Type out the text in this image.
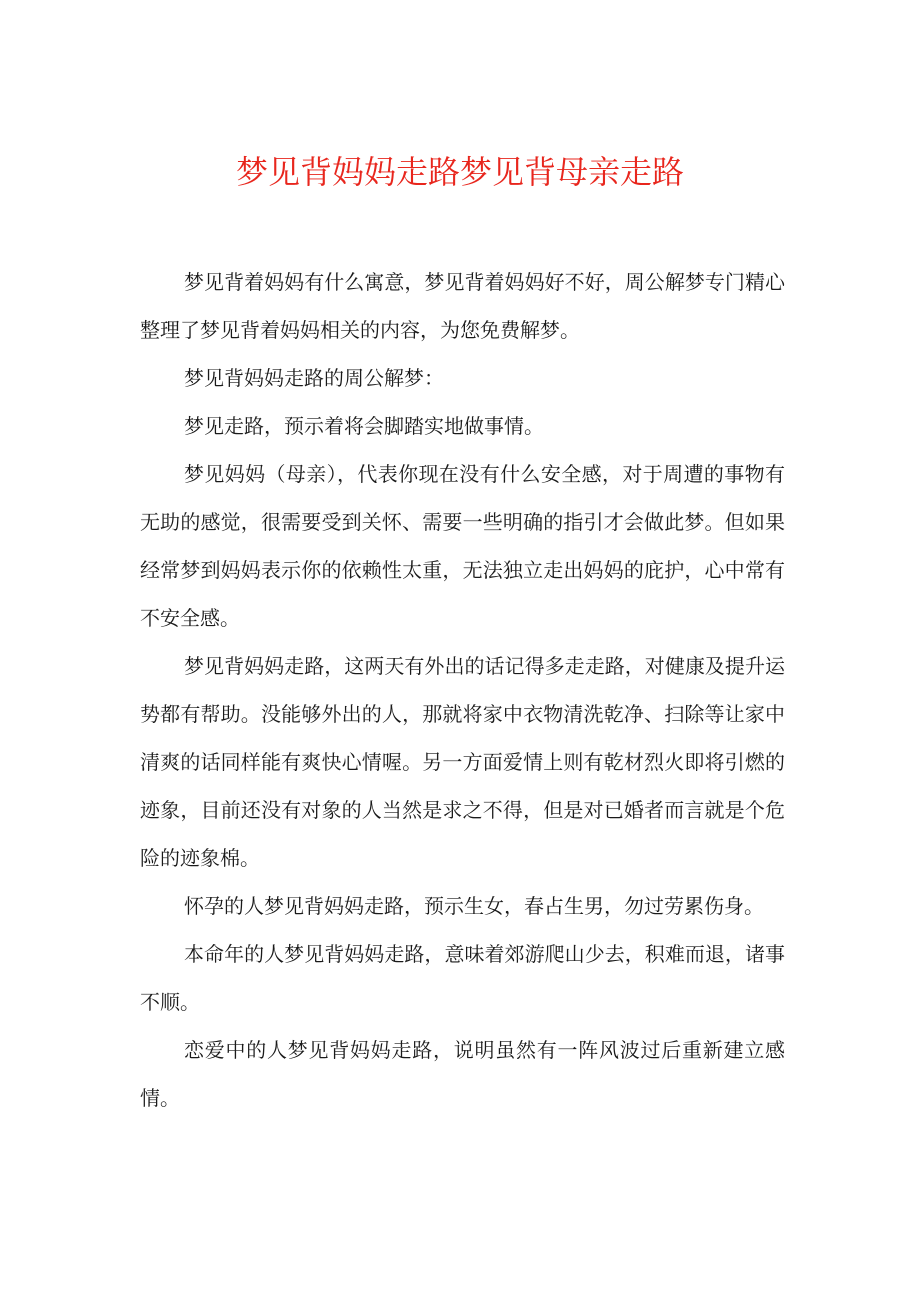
梦见背妈妈走路梦见背母亲走路

梦见背着妈妈有什么寓意，梦见背着妈妈好不好，周公解梦专门精心整理了梦见背着妈妈相关的内容，为您免费解梦。

梦见背妈妈走路的周公解梦：

梦见走路，预示着将会脚踏实地做事情。

梦见妈妈（母亲），代表你现在没有什么安全感，对于周遭的事物有无助的感觉，很需要受到关怀、需要一些明确的指引才会做此梦。但如果经常梦到妈妈表示你的依赖性太重，无法独立走出妈妈的庇护，心中常有不安全感。

梦见背妈妈走路，这两天有外出的话记得多走走路，对健康及提升运势都有帮助。没能够外出的人，那就将家中衣物清洗乾净、扫除等让家中清爽的话同样能有爽快心情喔。另一方面爱情上则有乾材烈火即将引燃的迹象，目前还没有对象的人当然是求之不得，但是对已婚者而言就是个危险的迹象棉。

怀孕的人梦见背妈妈走路，预示生女，春占生男，勿过劳累伤身。

本命年的人梦见背妈妈走路，意味着郊游爬山少去，积难而退，诸事不顺。

恋爱中的人梦见背妈妈走路，说明虽然有一阵风波过后重新建立感情。
